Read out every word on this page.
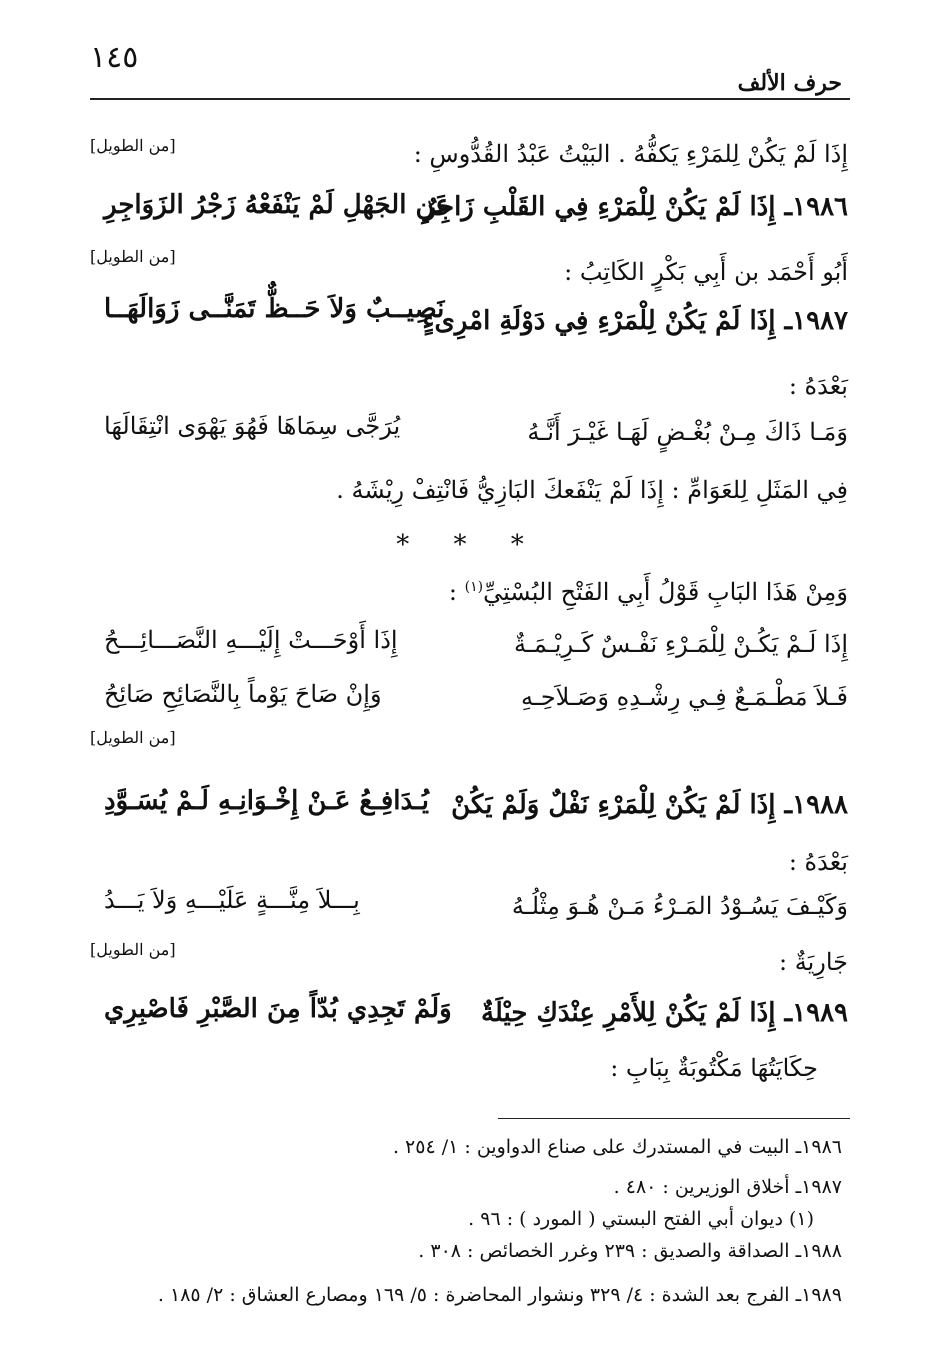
١٤٥
حرف الألف
إِذَا لَمْ يَكُنْ لِلمَرْءِ يَكفُّهُ . البَيْتُ عَبْدُ القُدُّوسِ :
[من الطويل]
١٩٨٦ـ إِذَا لَمْ يَكُنْ لِلْمَرْءِ فِي القَلْبِ زَاجِرٌ
عَنِ الجَهْلِ لَمْ يَنْفَعْهُ زَجْرُ الزَوَاجِرِ
أَبُو أَحْمَد بن أَبِي بَكْرٍ الكَاتِبُ :
[من الطويل]
١٩٨٧ـ إِذَا لَمْ يَكُنْ لِلْمَرْءِ فِي دَوْلَةِ امْرِىءٍ
نَصِيــبٌ وَلاَ حَــظٌّ تَمَنَّــى زَوَالَهَــا
بَعْدَهُ :
وَمَـا ذَاكَ مِـنْ بُغْـضٍ لَهَـا غَيْـرَ أَنَّـهُ
يُرَجَّى سِمَاهَا فَهُوَ يَهْوَى انْتِقَالَهَا
فِي المَثَلِ لِلعَوَامِّ : إِذَا لَمْ يَنْفَعكَ البَازِيُّ فَانْتِفْ رِيْشَهُ .
* * *
وَمِنْ هَذَا البَابِ قَوْلُ أَبِي الفَتْحِ البُسْتِيِّ$^{(١)}$ :
إِذَا لَـمْ يَكُـنْ لِلْمَـرْءِ نَفْـسٌ كَـرِيْـمَـةٌ
إِذَا أَوْحَـــتْ إِلَيْـــهِ النَّصَـــائِـــحُ
فَـلاَ مَطْـمَـعٌ فِـي رِشْـدِهِ وَصَـلاَحِـهِ
وَإِنْ صَاحَ يَوْماً بِالنَّصَائِحِ صَائِحُ
[من الطويل]
١٩٨٨ـ إِذَا لَمْ يَكُنْ لِلْمَرْءِ نَفْلٌ وَلَمْ يَكُنْ
يُـدَافِـعُ عَـنْ إِخْـوَانِـهِ لَـمْ يُسَـوَّدِ
بَعْدَهُ :
وَكَيْـفَ يَسُـوْدُ المَـرْءُ مَـنْ هُـوَ مِثْلُـهُ
بِـــلاَ مِنَّـــةٍ عَلَيْـــهِ وَلاَ يَـــدُ
جَارِيَةٌ :
[من الطويل]
١٩٨٩ـ إِذَا لَمْ يَكُنْ لِلأَمْرِ عِنْدَكِ حِيْلَةٌ
وَلَمْ تَجِدِي بُدّاً مِنَ الصَّبْرِ فَاصْبِرِي
حِكَايَتُهَا مَكْتُوبَةٌ بِبَابِ :
١٩٨٦ـ البيت في المستدرك على صناع الدواوين : ١/ ٢٥٤ .
١٩٨٧ـ أخلاق الوزيرين : ٤٨٠ .
(١) ديوان أبي الفتح البستي ( المورد ) : ٩٦ .
١٩٨٨ـ الصداقة والصديق : ٢٣٩ وغرر الخصائص : ٣٠٨ .
١٩٨٩ـ الفرج بعد الشدة : ٤/ ٣٢٩ ونشوار المحاضرة : ٥/ ١٦٩ ومصارع العشاق : ٢/ ١٨٥ .
